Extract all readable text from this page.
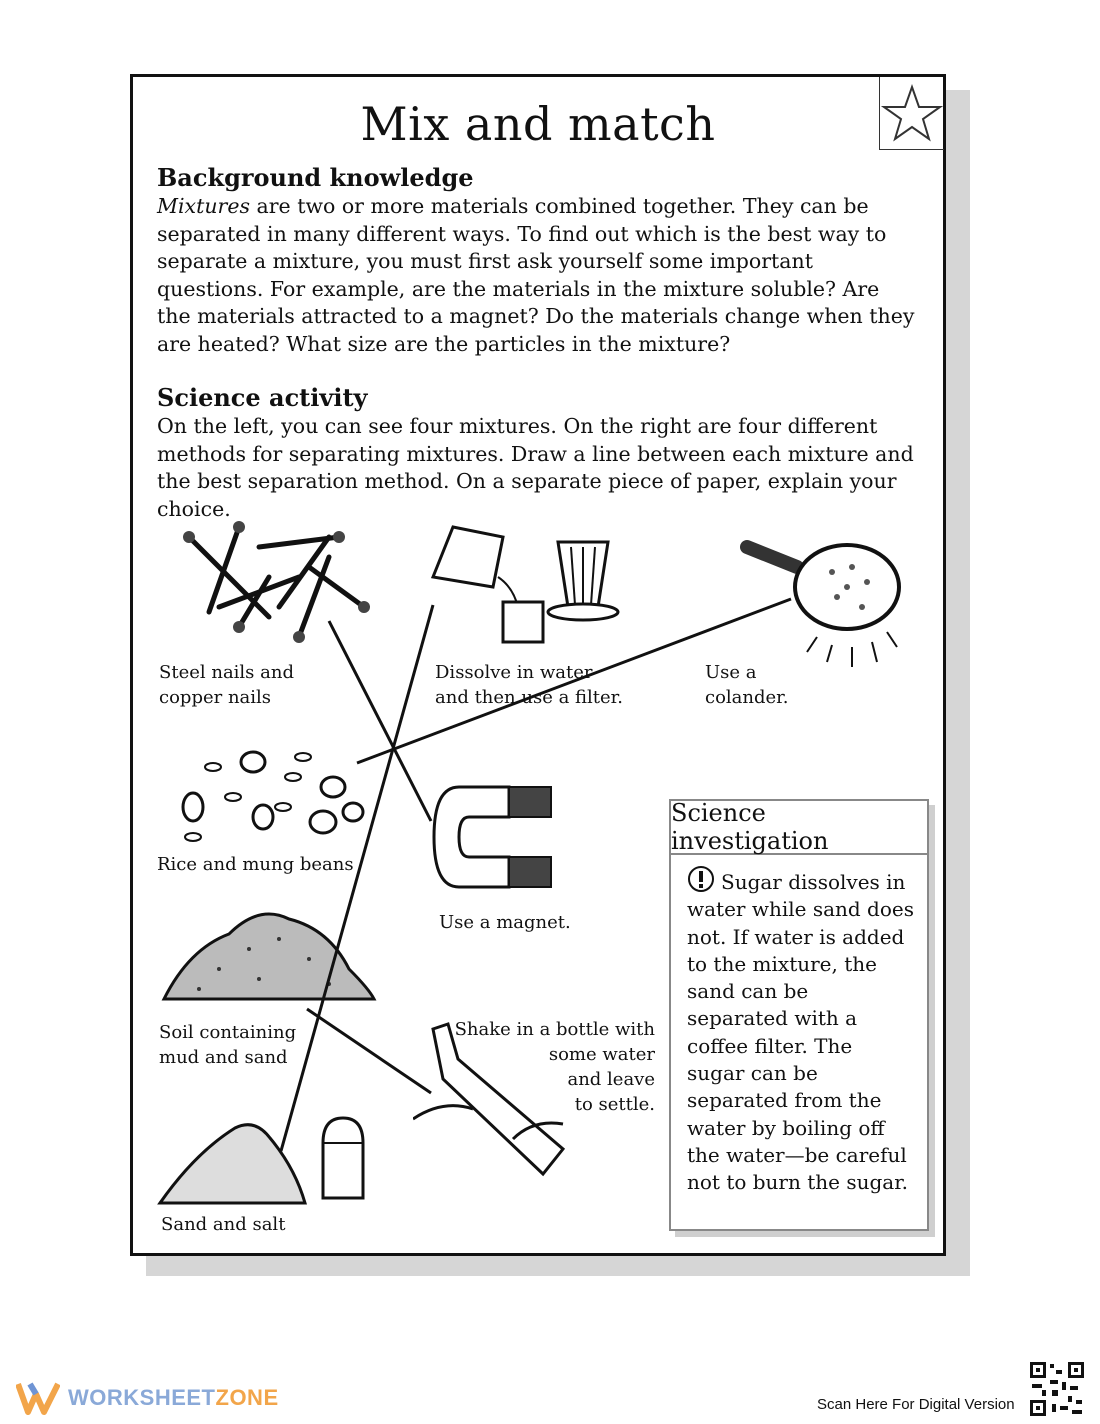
Mix and match
Background knowledge
Mixtures are two or more materials combined together. They can be separated in many different ways. To find out which is the best way to separate a mixture, you must first ask yourself some important questions. For example, are the materials in the mixture soluble? Are the materials attracted to a magnet? Do the materials change when they are heated? What size are the particles in the mixture?
Science activity
On the left, you can see four mixtures. On the right are four different methods for separating mixtures. Draw a line between each mixture and the best separation method. On a separate piece of paper, explain your choice.
Steel nails and
copper nails
Dissolve in water
and then use a filter.
Use a
colander.
Rice and mung beans
Use a magnet.
Soil containing
mud and sand
Shake in a bottle with
some water
and leave
to settle.
Sand and salt
Science investigation
Sugar dissolves in water while sand does not. If water is added to the mixture, the sand can be separated with a coffee filter. The sugar can be separated from the water by boiling off the water—be careful not to burn the sugar.
WORKSHEETZONE	Scan Here For Digital Version
